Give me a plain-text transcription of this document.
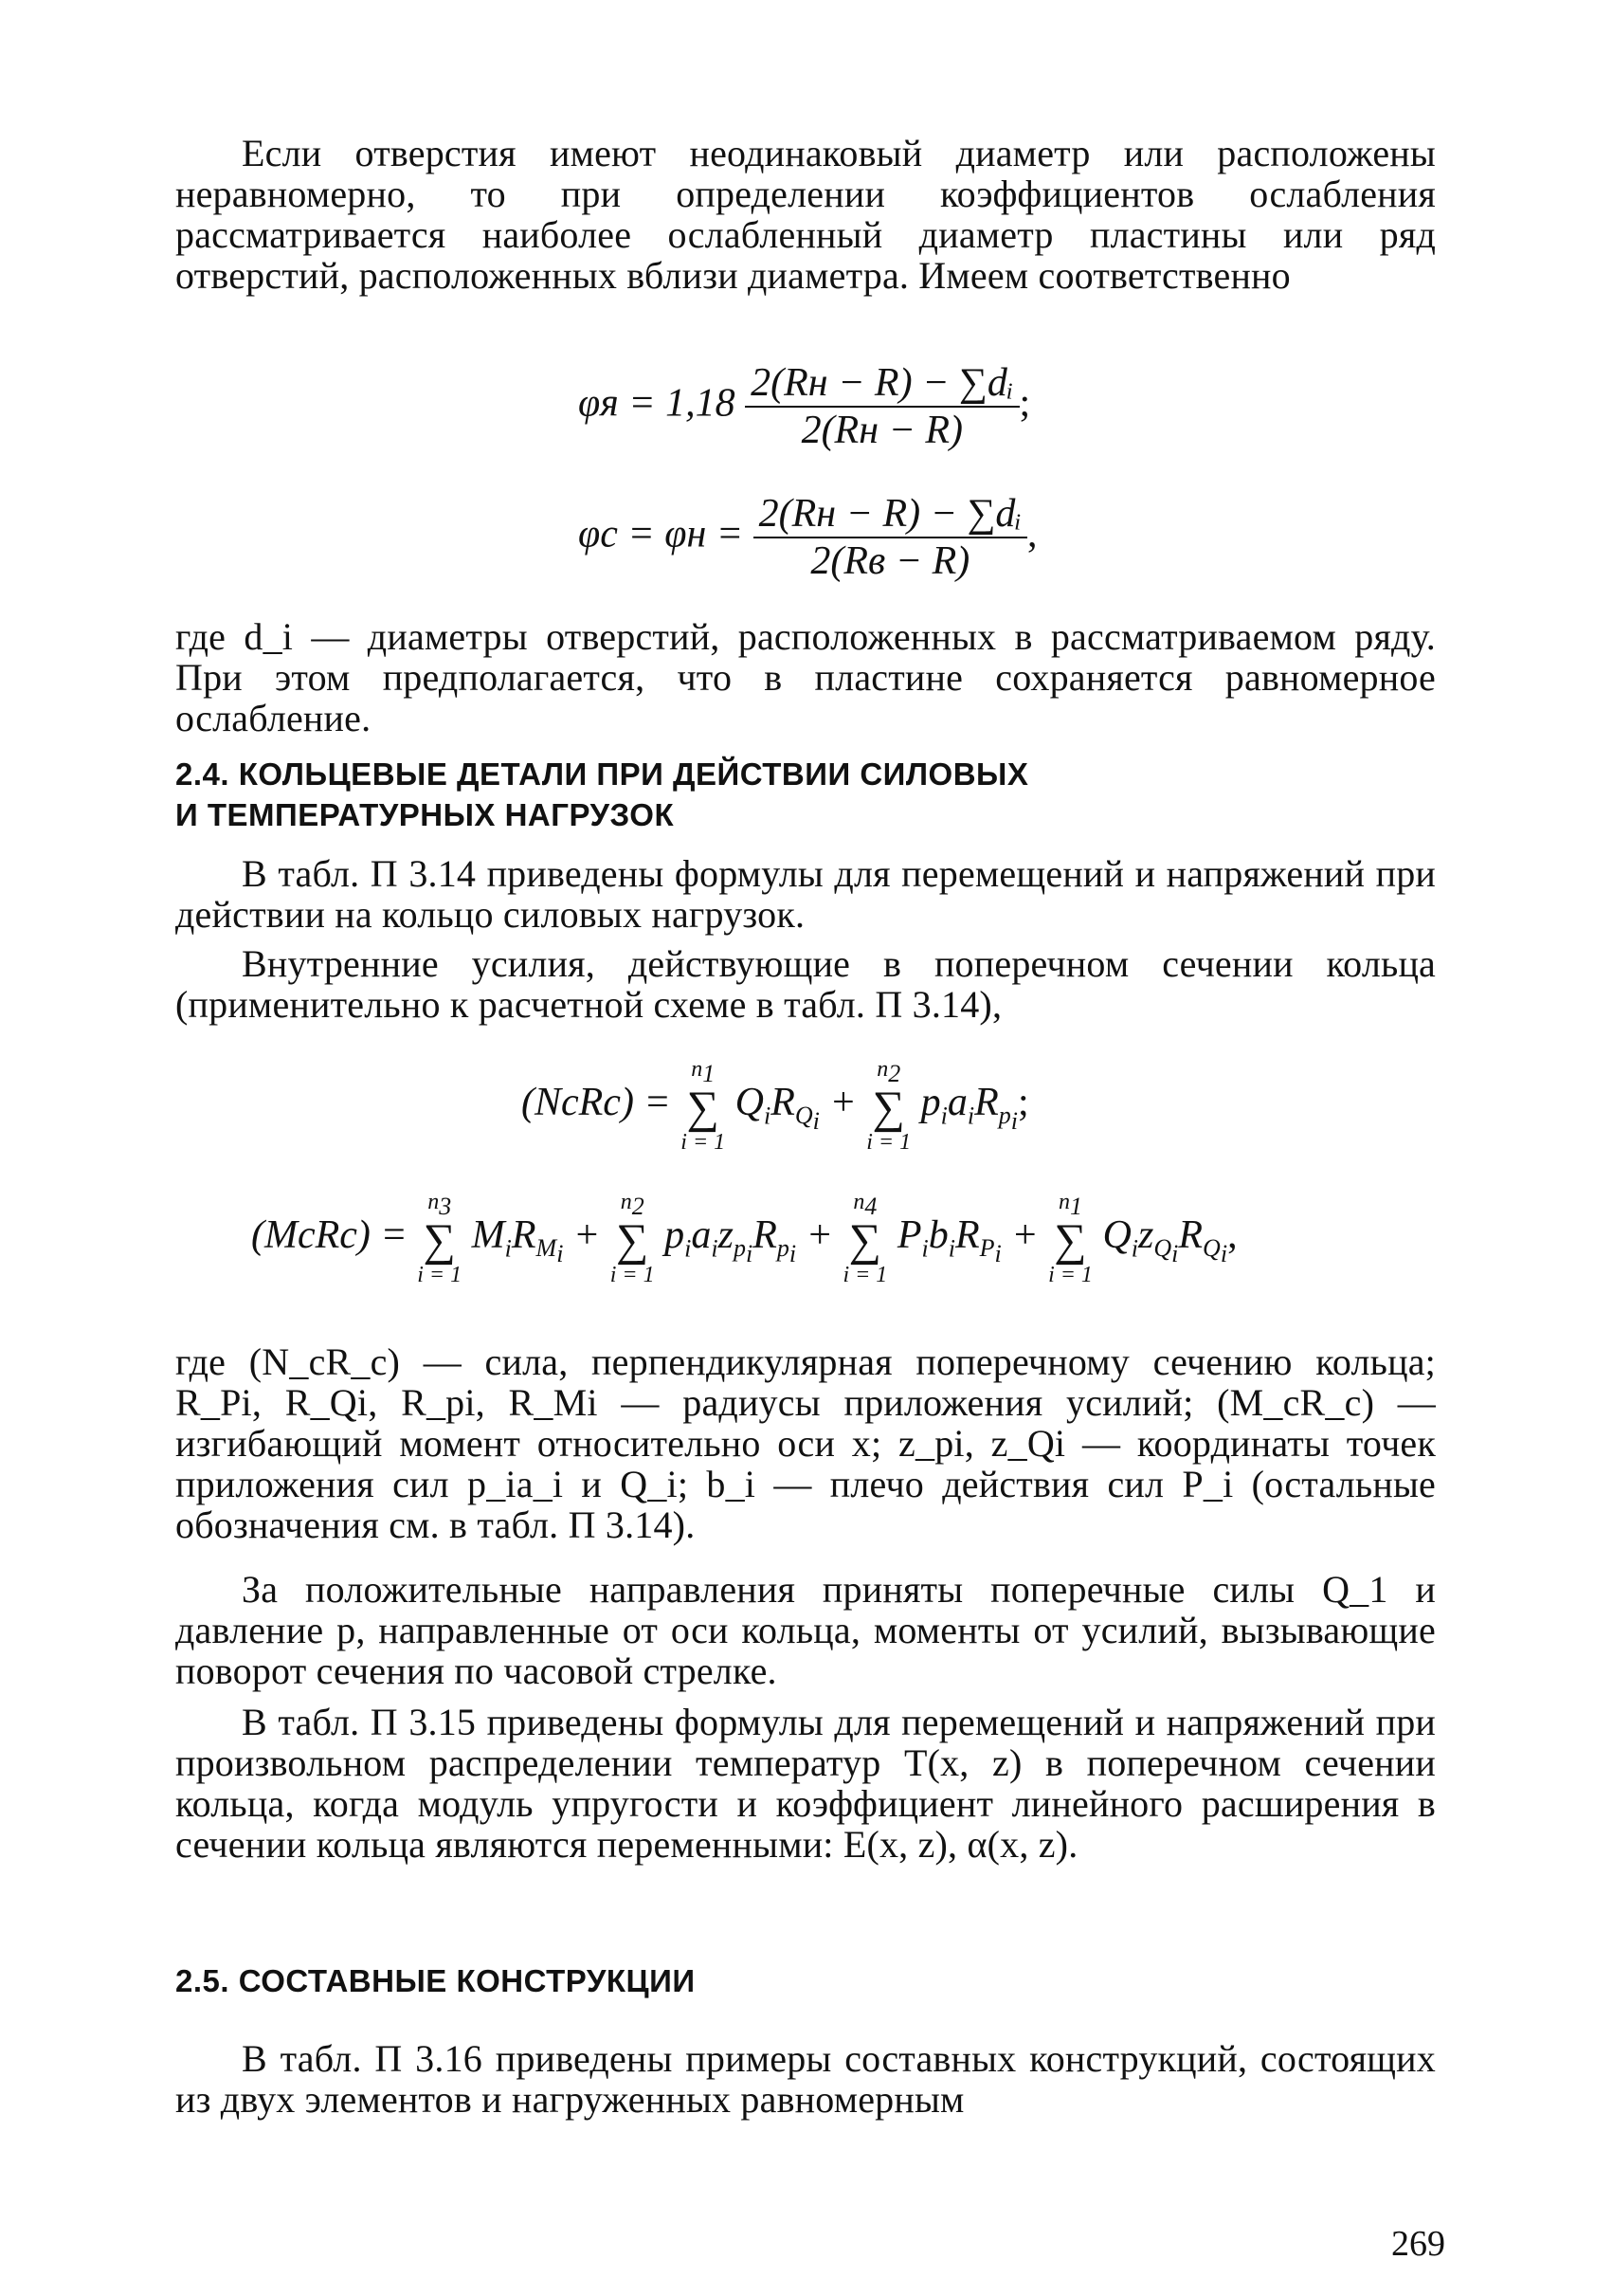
Если отверстия имеют неодинаковый диаметр или расположены неравномерно, то при определении коэффициентов ослабления рассматривается наиболее ослабленный диаметр пластины или ряд отверстий, расположенных вблизи диаметра. Имеем соответственно

$\varphi я = 1,18 \frac{\text{2(Rн − R) − ∑dᵢ}}{2(Rн - R)}$ ;
$\varphi c = \varphi н = \frac{\text{2(Rн − R) − ∑dᵢ}}{2(Rв - R)}$ ,

где d_i — диаметры отверстий, расположенных в рассматриваемом ряду. При этом предполагается, что в пластине сохраняется равномерное ослабление.

2.4. КОЛЬЦЕВЫЕ ДЕТАЛИ ПРИ ДЕЙСТВИИ СИЛОВЫХ
И ТЕМПЕРАТУРНЫХ НАГРУЗОК

В табл. П 3.14 приведены формулы для перемещений и напряжений при действии на кольцо силовых нагрузок.

Внутренние усилия, действующие в поперечном сечении кольца (применительно к расчетной схеме в табл. П 3.14),

(NcRc) =
$n_1$
∑
i = 1
$Q_iR_{Q_i}$ +
$n_2$
∑
i = 1
$p_ia_iR_{p_i}$;
(McRc) =
$n_3$
∑
i = 1
$M_iR_{M_i}$ +
$n_2$
∑
i = 1
$p_ia_iz_{p_i}R_{p_i}$ +
$n_4$
∑
i = 1
$P_ib_iR_{P_i}$ +
$n_1$
∑
i = 1
$Q_iz_{Q_i}R_{Q_i}$,

где (N_cR_c) — сила, перпендикулярная поперечному сечению кольца; R_Pi, R_Qi, R_pi, R_Mi — радиусы приложения усилий; (M_cR_c) — изгибающий момент относительно оси x; z_pi, z_Qi — координаты точек приложения сил p_ia_i и Q_i; b_i — плечо действия сил P_i (остальные обозначения см. в табл. П 3.14).

За положительные направления приняты поперечные силы Q_1 и давление p, направленные от оси кольца, моменты от усилий, вызывающие поворот сечения по часовой стрелке.

В табл. П 3.15 приведены формулы для перемещений и напряжений при произвольном распределении температур T(x, z) в поперечном сечении кольца, когда модуль упругости и коэффициент линейного расширения в сечении кольца являются переменными: E(x, z), α(x, z).

2.5. СОСТАВНЫЕ КОНСТРУКЦИИ

В табл. П 3.16 приведены примеры составных конструкций, состоящих из двух элементов и нагруженных равномерным

269
